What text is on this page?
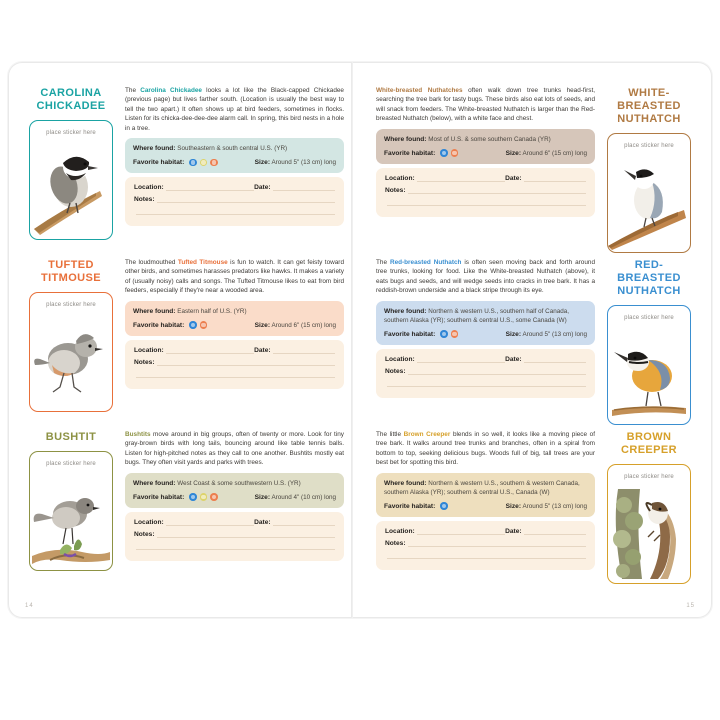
CAROLINA
CHICKADEE
place sticker here
The Carolina Chickadee looks a lot like the Black-capped Chickadee (previous page) but lives farther south. (Location is usually the best way to tell the two apart.) It often shows up at bird feeders, sometimes in flocks. Listen for its chicka-dee-dee-dee alarm call. In spring, this bird nests in a hole in a tree.
Where found: Southeastern & south central U.S. (YR)
Favorite habitat:	Size: Around 5" (13 cm) long
Location:	Date:
Notes:
TUFTED
TITMOUSE
place sticker here
The loudmouthed Tufted Titmouse is fun to watch. It can get feisty toward other birds, and sometimes harasses predators like hawks. It makes a variety of (usually noisy) calls and songs. The Tufted Titmouse likes to eat from bird feeders, especially if they're near a wooded area.
Where found: Eastern half of U.S. (YR)
Favorite habitat:	Size: Around 6" (15 cm) long
Location:	Date:
Notes:
BUSHTIT
place sticker here
Bushtits move around in big groups, often of twenty or more. Look for tiny gray-brown birds with long tails, bouncing around like table tennis balls. Listen for high-pitched notes as they call to one another. Bushtits mostly eat bugs. They often visit yards and parks with trees.
Where found: West Coast & some southwestern U.S. (YR)
Favorite habitat:	Size: Around 4" (10 cm) long
Location:	Date:
Notes:
14
WHITE-BREASTED
NUTHATCH
place sticker here
White-breasted Nuthatches often walk down tree trunks head-first, searching the tree bark for tasty bugs. These birds also eat lots of seeds, and will snack from feeders. The White-breasted Nuthatch is larger than the Red-breasted Nuthatch (below), with a white face and chest.
Where found: Most of U.S. & some southern Canada (YR)
Favorite habitat:	Size: Around 6" (15 cm) long
Location:	Date:
Notes:
RED-BREASTED
NUTHATCH
place sticker here
The Red-breasted Nuthatch is often seen moving back and forth around tree trunks, looking for food. Like the White-breasted Nuthatch (above), it eats bugs and seeds, and will wedge seeds into cracks in tree bark. It has a reddish-brown underside and a black stripe through its eye.
Where found: Northern & western U.S., southern half of Canada, southern Alaska (YR); southern & central U.S., some Canada (W)
Favorite habitat:	Size: Around 5" (13 cm) long
Location:	Date:
Notes:
BROWN
CREEPER
place sticker here
The little Brown Creeper blends in so well, it looks like a moving piece of tree bark. It walks around tree trunks and branches, often in a spiral from bottom to top, seeking delicious bugs. Woods full of big, tall trees are your best bet for spotting this bird.
Where found: Northern & western U.S., southern & western Canada, southern Alaska (YR); southern & central U.S., Canada (W)
Favorite habitat:	Size: Around 5" (13 cm) long
Location:	Date:
Notes:
15
